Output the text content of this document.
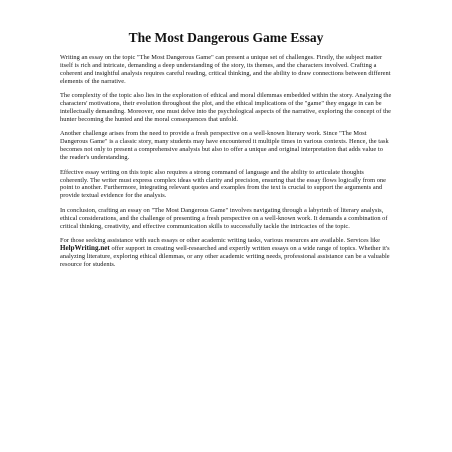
The Most Dangerous Game Essay

Writing an essay on the topic "The Most Dangerous Game" can present a unique set of challenges. Firstly, the subject matter itself is rich and intricate, demanding a deep understanding of the story, its themes, and the characters involved. Crafting a coherent and insightful analysis requires careful reading, critical thinking, and the ability to draw connections between different elements of the narrative.

The complexity of the topic also lies in the exploration of ethical and moral dilemmas embedded within the story. Analyzing the characters' motivations, their evolution throughout the plot, and the ethical implications of the "game" they engage in can be intellectually demanding. Moreover, one must delve into the psychological aspects of the narrative, exploring the concept of the hunter becoming the hunted and the moral consequences that unfold.

Another challenge arises from the need to provide a fresh perspective on a well-known literary work. Since "The Most Dangerous Game" is a classic story, many students may have encountered it multiple times in various contexts. Hence, the task becomes not only to present a comprehensive analysis but also to offer a unique and original interpretation that adds value to the reader's understanding.

Effective essay writing on this topic also requires a strong command of language and the ability to articulate thoughts coherently. The writer must express complex ideas with clarity and precision, ensuring that the essay flows logically from one point to another. Furthermore, integrating relevant quotes and examples from the text is crucial to support the arguments and provide textual evidence for the analysis.

In conclusion, crafting an essay on "The Most Dangerous Game" involves navigating through a labyrinth of literary analysis, ethical considerations, and the challenge of presenting a fresh perspective on a well-known work. It demands a combination of critical thinking, creativity, and effective communication skills to successfully tackle the intricacies of the topic.

For those seeking assistance with such essays or other academic writing tasks, various resources are available. Services like HelpWriting.net offer support in creating well-researched and expertly written essays on a wide range of topics. Whether it's analyzing literature, exploring ethical dilemmas, or any other academic writing needs, professional assistance can be a valuable resource for students.
